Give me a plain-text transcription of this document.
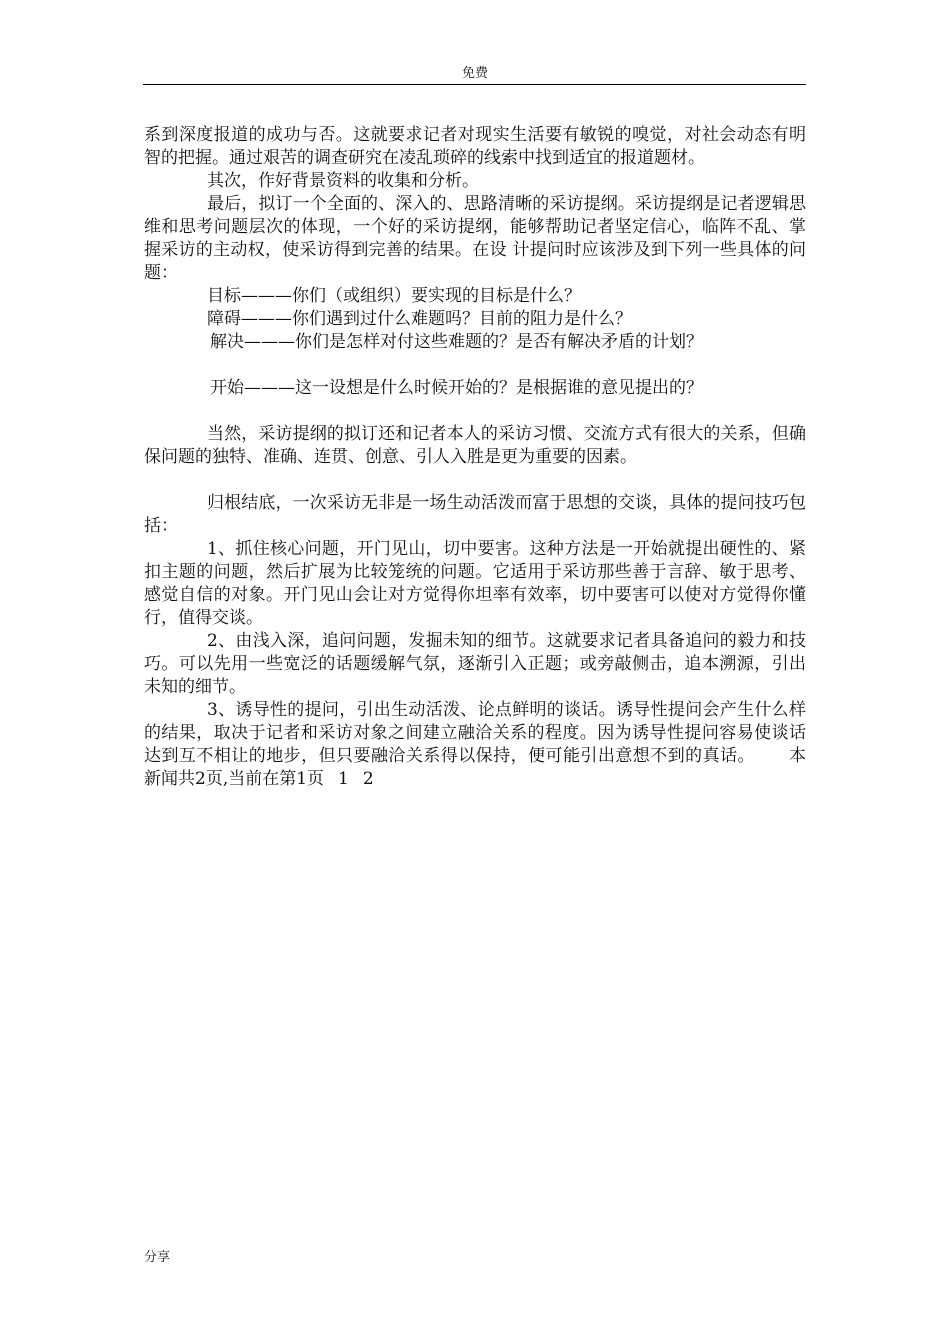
免费

系到深度报道的成功与否。这就要求记者对现实生活要有敏锐的嗅觉，对社会动态有明智的把握。通过艰苦的调查研究在凌乱琐碎的线索中找到适宜的报道题材。

其次，作好背景资料的收集和分析。

最后，拟订一个全面的、深入的、思路清晰的采访提纲。采访提纲是记者逻辑思维和思考问题层次的体现，一个好的采访提纲，能够帮助记者坚定信心，临阵不乱、掌握采访的主动权，使采访得到完善的结果。在设 计提问时应该涉及到下列一些具体的问题：

目标———你们（或组织）要实现的目标是什么？

障碍———你们遇到过什么难题吗？目前的阻力是什么？

解决———你们是怎样对付这些难题的？是否有解决矛盾的计划？

开始———这一设想是什么时候开始的？是根据谁的意见提出的？

当然，采访提纲的拟订还和记者本人的采访习惯、交流方式有很大的关系，但确保问题的独特、准确、连贯、创意、引人入胜是更为重要的因素。

归根结底，一次采访无非是一场生动活泼而富于思想的交谈，具体的提问技巧包括：

1、抓住核心问题，开门见山，切中要害。这种方法是一开始就提出硬性的、紧扣主题的问题，然后扩展为比较笼统的问题。它适用于采访那些善于言辞、敏于思考、感觉自信的对象。开门见山会让对方觉得你坦率有效率，切中要害可以使对方觉得你懂行，值得交谈。

2、由浅入深，追问问题，发掘未知的细节。这就要求记者具备追问的毅力和技巧。可以先用一些宽泛的话题缓解气氛，逐渐引入正题；或旁敲侧击，追本溯源，引出未知的细节。

3、诱导性的提问，引出生动活泼、论点鲜明的谈话。诱导性提问会产生什么样的结果，取决于记者和采访对象之间建立融洽关系的程度。因为诱导性提问容易使谈话达到互不相让的地步，但只要融洽关系得以保持，便可能引出意想不到的真话。 本新闻共2页,当前在第1页 1 2

分享
